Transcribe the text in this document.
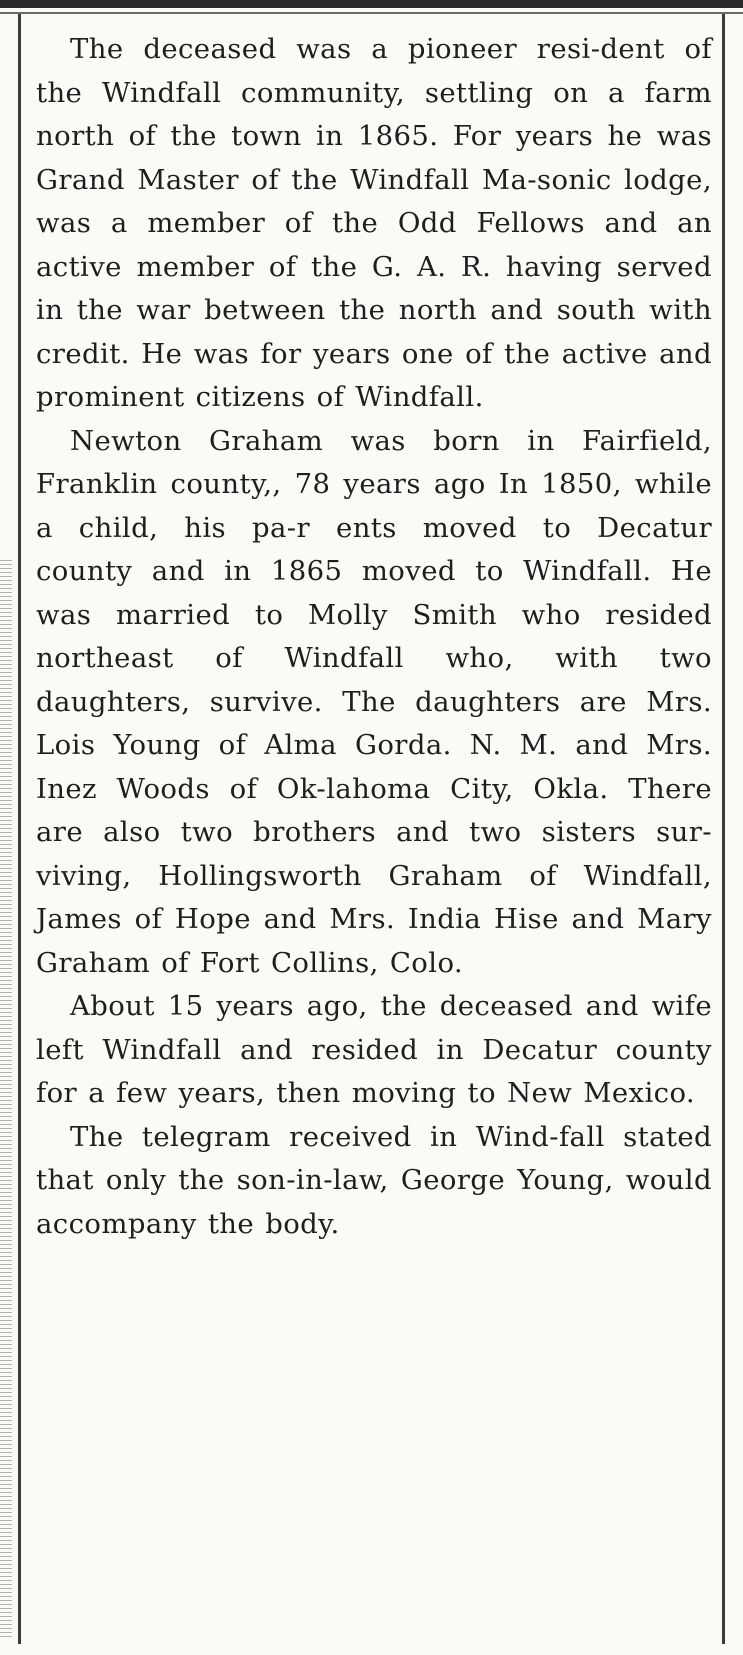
The deceased was a pioneer resi-dent of the Windfall community, settling on a farm north of the town in 1865. For years he was Grand Master of the Windfall Ma-sonic lodge, was a member of the Odd Fellows and an active member of the G. A. R. having served in the war between the north and south with credit. He was for years one of the active and prominent citizens of Windfall.

Newton Graham was born in Fairfield, Franklin county,, 78 years ago In 1850, while a child, his pa-r ents moved to Decatur county and in 1865 moved to Windfall. He was married to Molly Smith who resided northeast of Windfall who, with two daughters, survive. The daughters are Mrs. Lois Young of Alma Gorda. N. M. and Mrs. Inez Woods of Ok-lahoma City, Okla. There are also two brothers and two sisters sur-viving, Hollingsworth Graham of Windfall, James of Hope and Mrs. India Hise and Mary Graham of Fort Collins, Colo.

About 15 years ago, the deceased and wife left Windfall and resided in Decatur county for a few years, then moving to New Mexico.

The telegram received in Wind-fall stated that only the son-in-law, George Young, would accompany the body.
